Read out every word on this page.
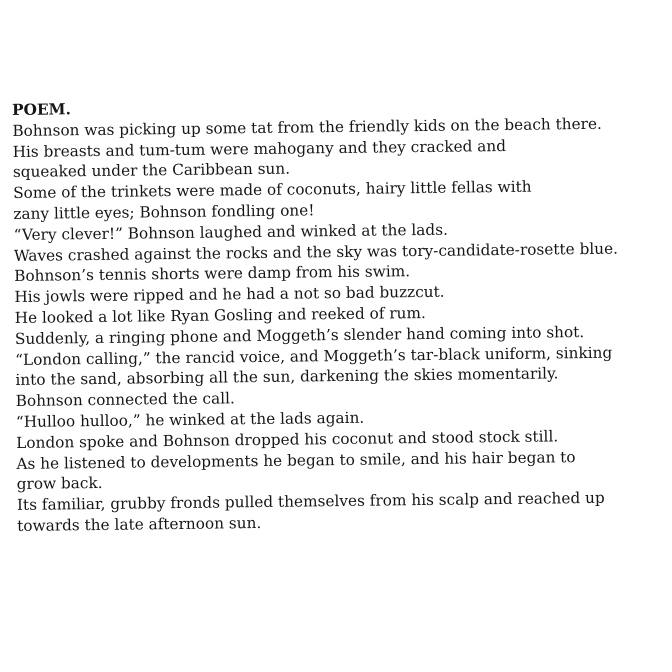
POEM.
Bohnson was picking up some tat from the friendly kids on the beach there.
His breasts and tum-tum were mahogany and they cracked and
squeaked under the Caribbean sun.
Some of the trinkets were made of coconuts, hairy little fellas with
zany little eyes; Bohnson fondling one!
“Very clever!” Bohnson laughed and winked at the lads.
Waves crashed against the rocks and the sky was tory-candidate-rosette blue.
Bohnson’s tennis shorts were damp from his swim.
His jowls were ripped and he had a not so bad buzzcut.
He looked a lot like Ryan Gosling and reeked of rum.
Suddenly, a ringing phone and Moggeth’s slender hand coming into shot.
“London calling,” the rancid voice, and Moggeth’s tar-black uniform, sinking
into the sand, absorbing all the sun, darkening the skies momentarily.
Bohnson connected the call.
“Hulloo hulloo,” he winked at the lads again.
London spoke and Bohnson dropped his coconut and stood stock still.
As he listened to developments he began to smile, and his hair began to
grow back.
Its familiar, grubby fronds pulled themselves from his scalp and reached up
towards the late afternoon sun.
